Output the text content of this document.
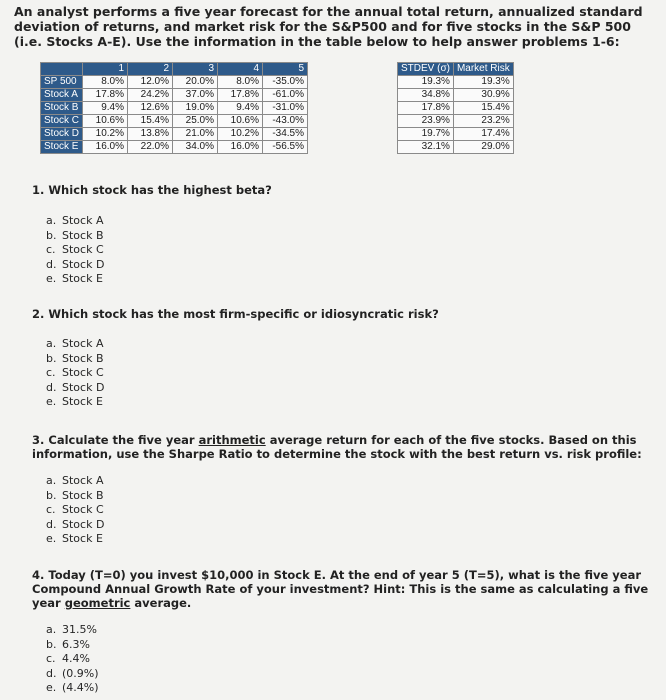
An analyst performs a five year forecast for the annual total return, annualized standard deviation of returns, and market risk for the S&P500 and for five stocks in the S&P 500 (i.e. Stocks A-E). Use the information in the table below to help answer problems 1-6:
	1	2	3	4	5
SP 500	8.0%	12.0%	20.0%	8.0%	-35.0%
Stock A	17.8%	24.2%	37.0%	17.8%	-61.0%
Stock B	9.4%	12.6%	19.0%	9.4%	-31.0%
Stock C	10.6%	15.4%	25.0%	10.6%	-43.0%
Stock D	10.2%	13.8%	21.0%	10.2%	-34.5%
Stock E	16.0%	22.0%	34.0%	16.0%	-56.5%
STDEV (σ)	Market Risk
19.3%	19.3%
34.8%	30.9%
17.8%	15.4%
23.9%	23.2%
19.7%	17.4%
32.1%	29.0%
1. Which stock has the highest beta?
a. Stock A
b. Stock B
c. Stock C
d. Stock D
e. Stock E
2. Which stock has the most firm-specific or idiosyncratic risk?
a. Stock A
b. Stock B
c. Stock C
d. Stock D
e. Stock E
3. Calculate the five year arithmetic average return for each of the five stocks. Based on this information, use the Sharpe Ratio to determine the stock with the best return vs. risk profile:
a. Stock A
b. Stock B
c. Stock C
d. Stock D
e. Stock E
4. Today (T=0) you invest $10,000 in Stock E. At the end of year 5 (T=5), what is the five year Compound Annual Growth Rate of your investment? Hint: This is the same as calculating a five year geometric average.
a. 31.5%
b. 6.3%
c. 4.4%
d. (0.9%)
e. (4.4%)
